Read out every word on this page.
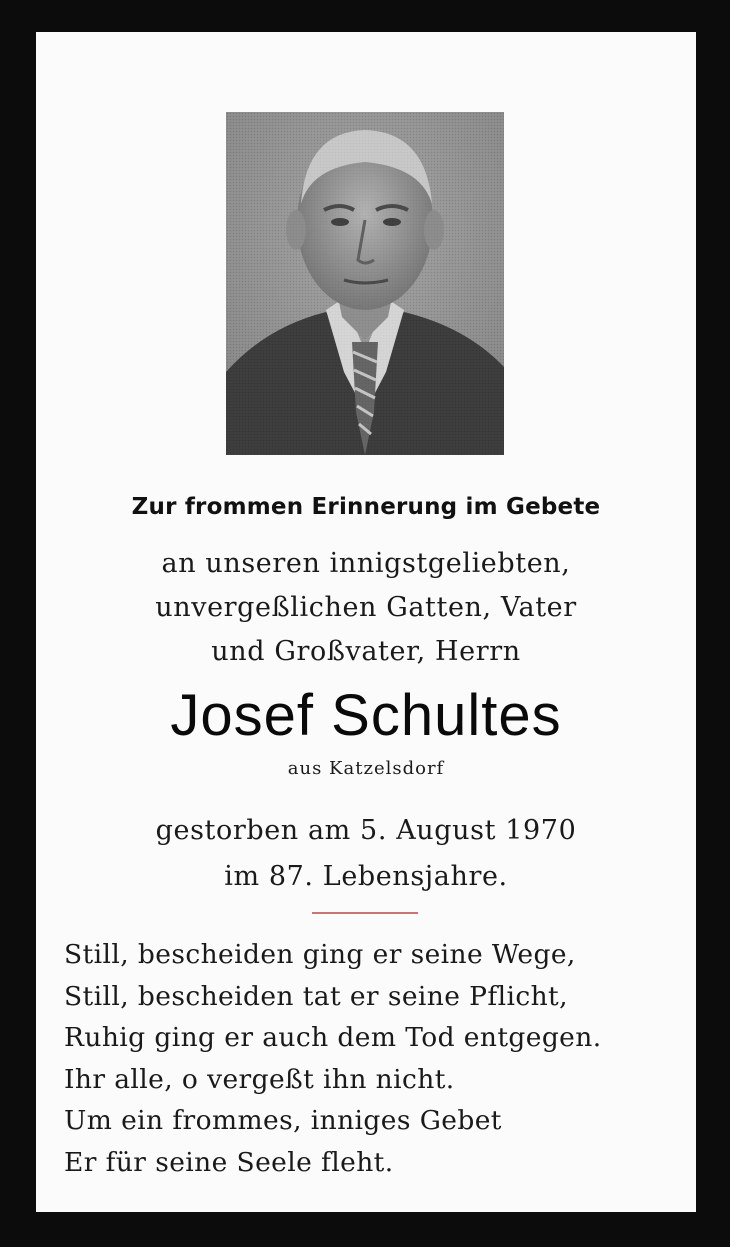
Zur frommen Erinnerung im Gebete
an unseren innigstgeliebten,
unvergeßlichen Gatten, Vater
und Großvater, Herrn
Josef Schultes
aus Katzelsdorf
gestorben am 5. August 1970
im 87. Lebensjahre.
Still, bescheiden ging er seine Wege,
Still, bescheiden tat er seine Pflicht,
Ruhig ging er auch dem Tod entgegen.
Ihr alle, o vergeßt ihn nicht.
Um ein frommes, inniges Gebet
Er für seine Seele fleht.
